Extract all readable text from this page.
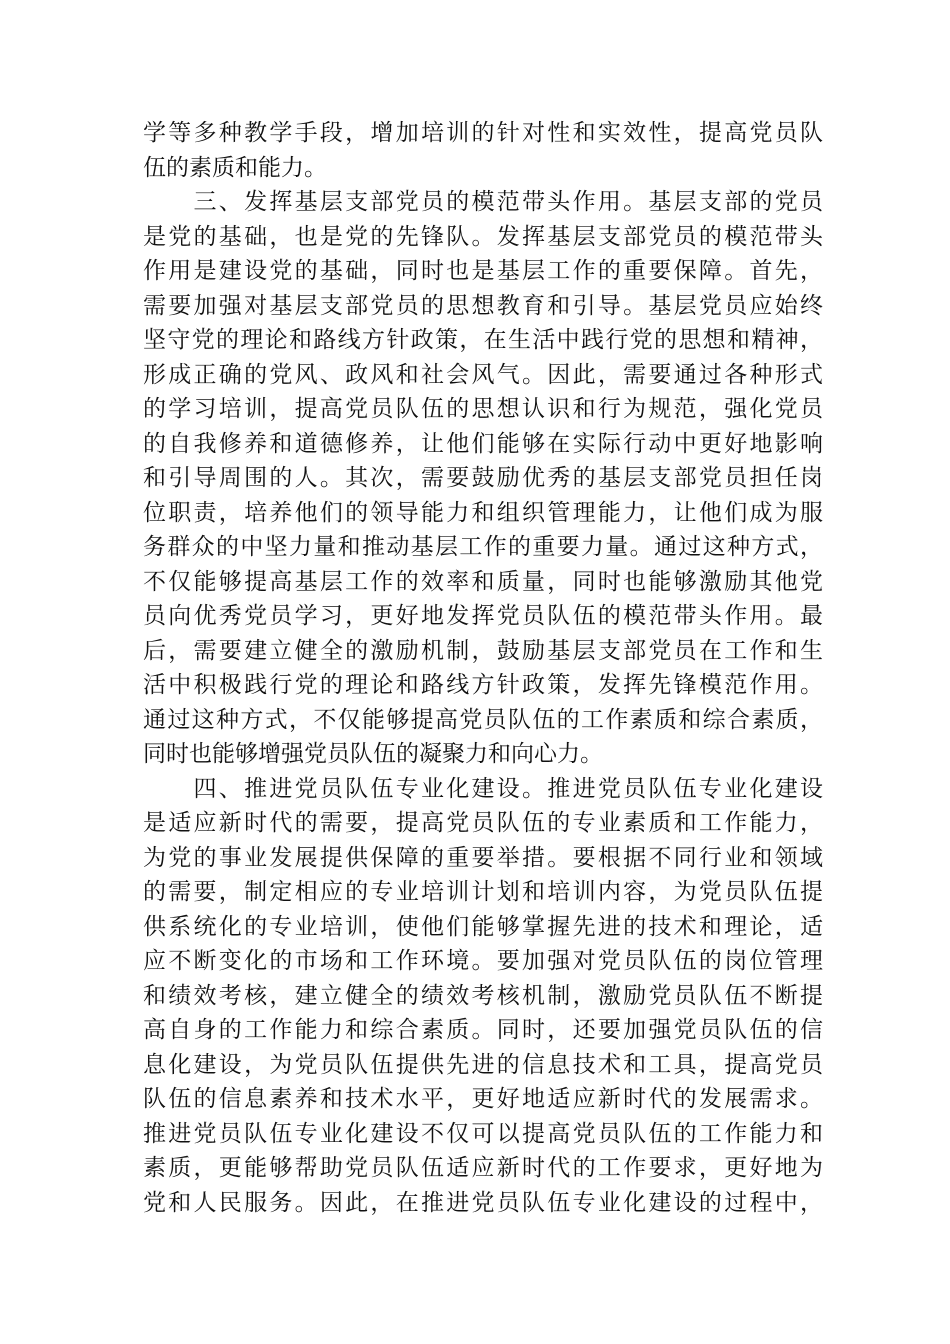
学等多种教学手段，增加培训的针对性和实效性，提高党员队
伍的素质和能力。
　　三、发挥基层支部党员的模范带头作用。基层支部的党员
是党的基础，也是党的先锋队。发挥基层支部党员的模范带头
作用是建设党的基础，同时也是基层工作的重要保障。首先，
需要加强对基层支部党员的思想教育和引导。基层党员应始终
坚守党的理论和路线方针政策，在生活中践行党的思想和精神，
形成正确的党风、政风和社会风气。因此，需要通过各种形式
的学习培训，提高党员队伍的思想认识和行为规范，强化党员
的自我修养和道德修养，让他们能够在实际行动中更好地影响
和引导周围的人。其次，需要鼓励优秀的基层支部党员担任岗
位职责，培养他们的领导能力和组织管理能力，让他们成为服
务群众的中坚力量和推动基层工作的重要力量。通过这种方式，
不仅能够提高基层工作的效率和质量，同时也能够激励其他党
员向优秀党员学习，更好地发挥党员队伍的模范带头作用。最
后，需要建立健全的激励机制，鼓励基层支部党员在工作和生
活中积极践行党的理论和路线方针政策，发挥先锋模范作用。
通过这种方式，不仅能够提高党员队伍的工作素质和综合素质，
同时也能够增强党员队伍的凝聚力和向心力。
　　四、推进党员队伍专业化建设。推进党员队伍专业化建设
是适应新时代的需要，提高党员队伍的专业素质和工作能力，
为党的事业发展提供保障的重要举措。要根据不同行业和领域
的需要，制定相应的专业培训计划和培训内容，为党员队伍提
供系统化的专业培训，使他们能够掌握先进的技术和理论，适
应不断变化的市场和工作环境。要加强对党员队伍的岗位管理
和绩效考核，建立健全的绩效考核机制，激励党员队伍不断提
高自身的工作能力和综合素质。同时，还要加强党员队伍的信
息化建设，为党员队伍提供先进的信息技术和工具，提高党员
队伍的信息素养和技术水平，更好地适应新时代的发展需求。
推进党员队伍专业化建设不仅可以提高党员队伍的工作能力和
素质，更能够帮助党员队伍适应新时代的工作要求，更好地为
党和人民服务。因此，在推进党员队伍专业化建设的过程中，
